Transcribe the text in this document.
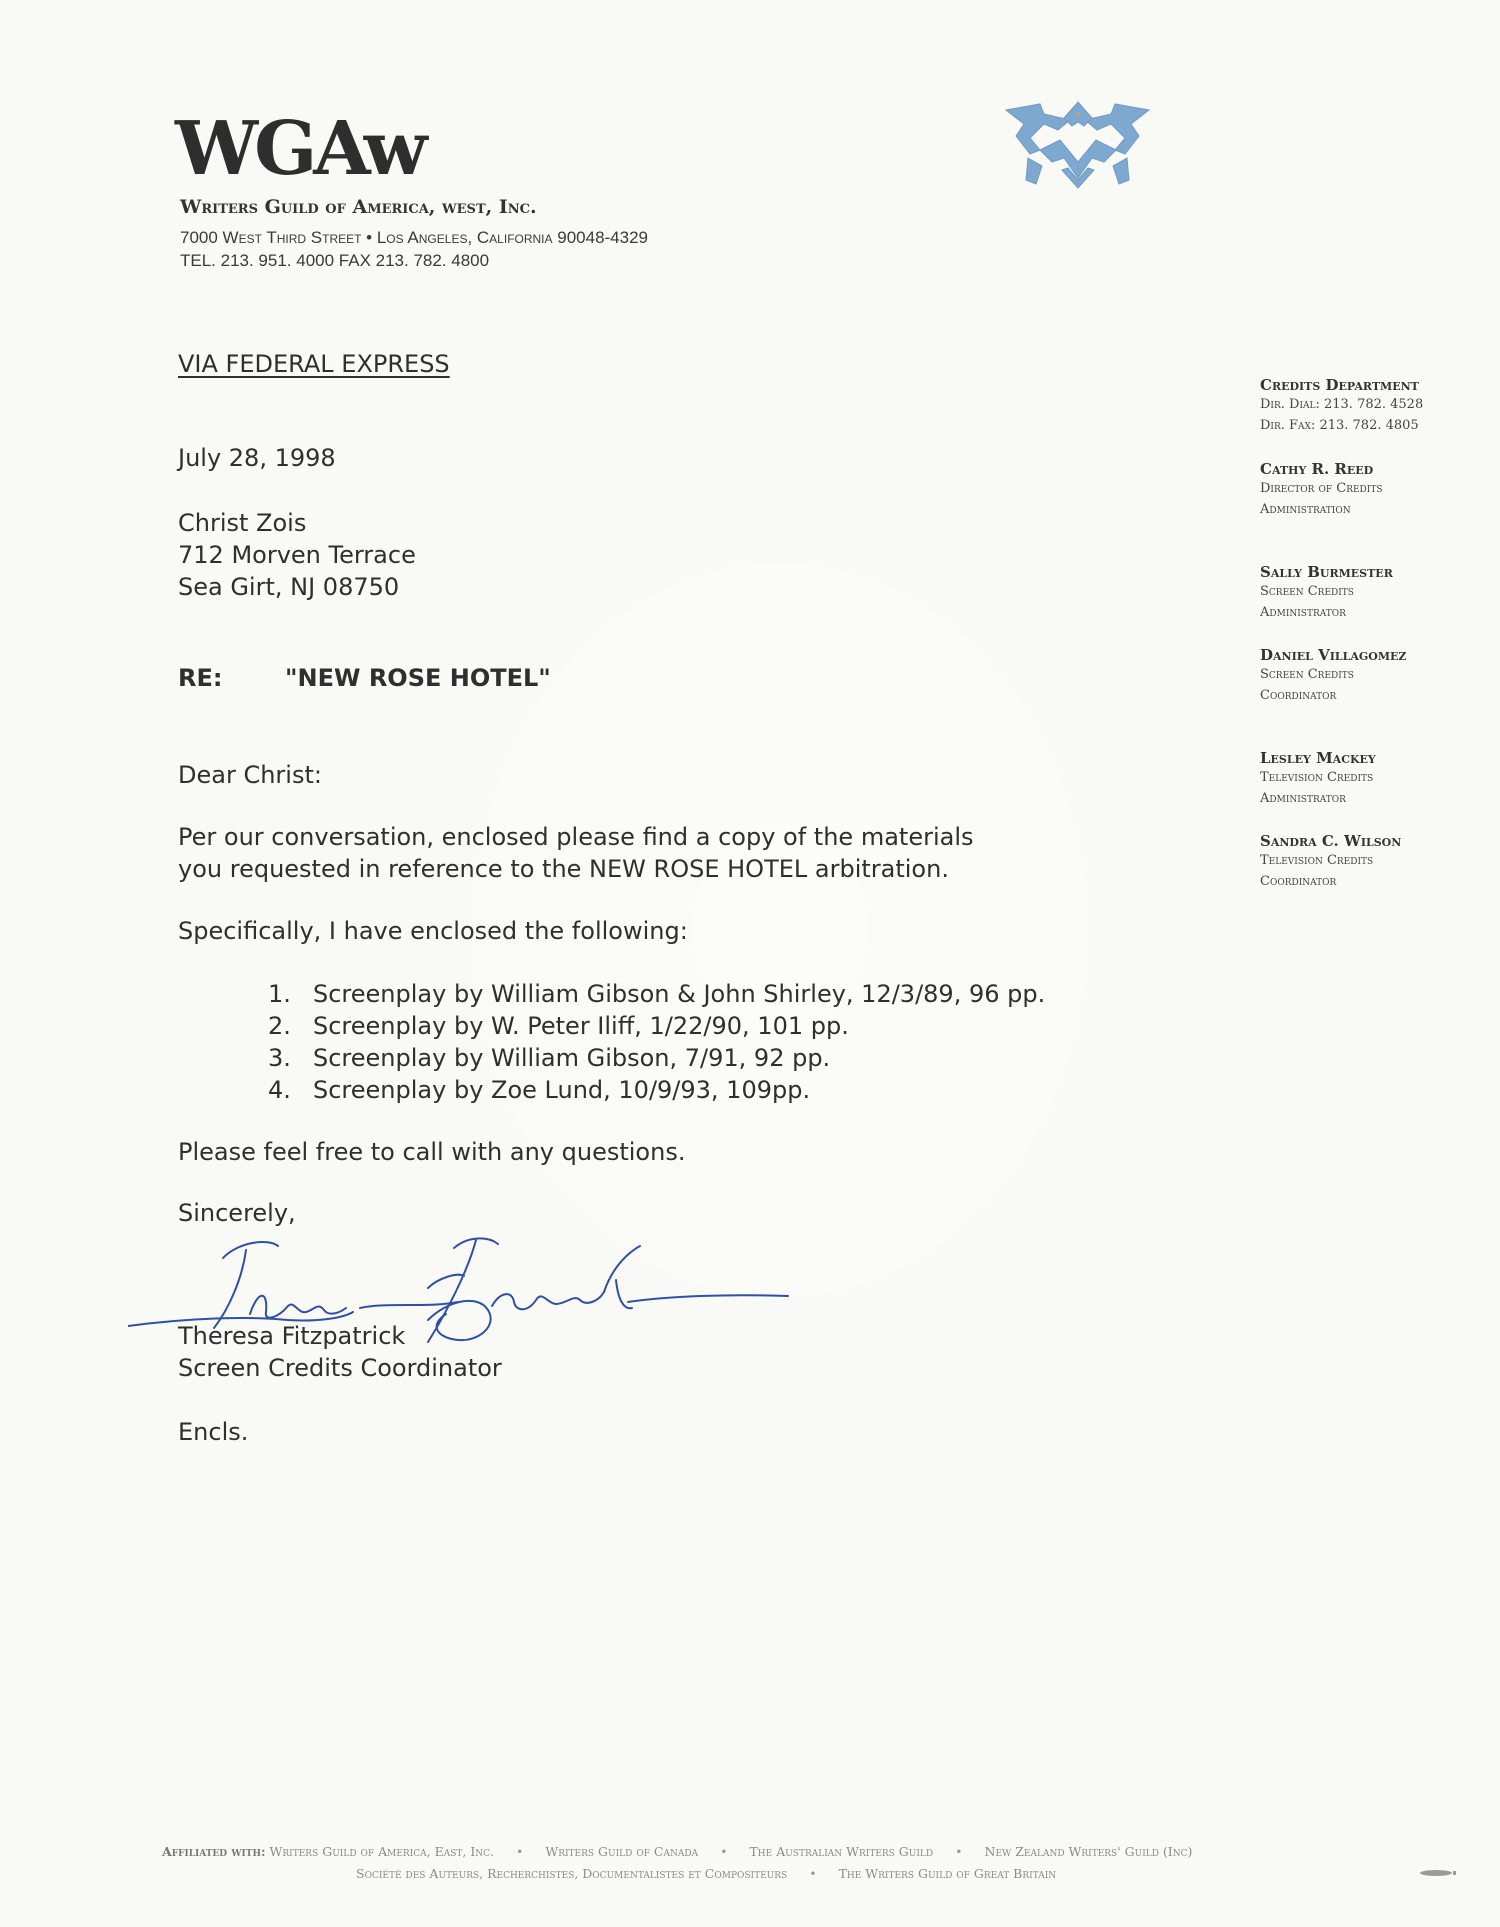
WGAw
Writers Guild of America, west, Inc.
7000 West Third Street • Los Angeles, California 90048-4329
TEL. 213. 951. 4000 FAX 213. 782. 4800
Credits Department
Dir. Dial: 213. 782. 4528
Dir. Fax: 213. 782. 4805
Cathy R. Reed
Director of Credits
Administration
Sally Burmester
Screen Credits
Administrator
Daniel Villagomez
Screen Credits
Coordinator
Lesley Mackey
Television Credits
Administrator
Sandra C. Wilson
Television Credits
Coordinator
VIA FEDERAL EXPRESS
July 28, 1998
Christ Zois
712 Morven Terrace
Sea Girt, NJ 08750
RE:	"NEW ROSE HOTEL"
Dear Christ:
Per our conversation, enclosed please find a copy of the materials
you requested in reference to the NEW ROSE HOTEL arbitration.
Specifically, I have enclosed the following:
1. Screenplay by William Gibson & John Shirley, 12/3/89, 96 pp.
2. Screenplay by W. Peter Iliff, 1/22/90, 101 pp.
3. Screenplay by William Gibson, 7/91, 92 pp.
4. Screenplay by Zoe Lund, 10/9/93, 109pp.
Please feel free to call with any questions.
Sincerely,
Theresa Fitzpatrick
Screen Credits Coordinator
Encls.
Affiliated with: Writers Guild of America, East, Inc. • Writers Guild of Canada • The Australian Writers Guild • New Zealand Writers' Guild (Inc)
Société des Auteurs, Recherchistes, Documentalistes et Compositeurs • The Writers Guild of Great Britain
